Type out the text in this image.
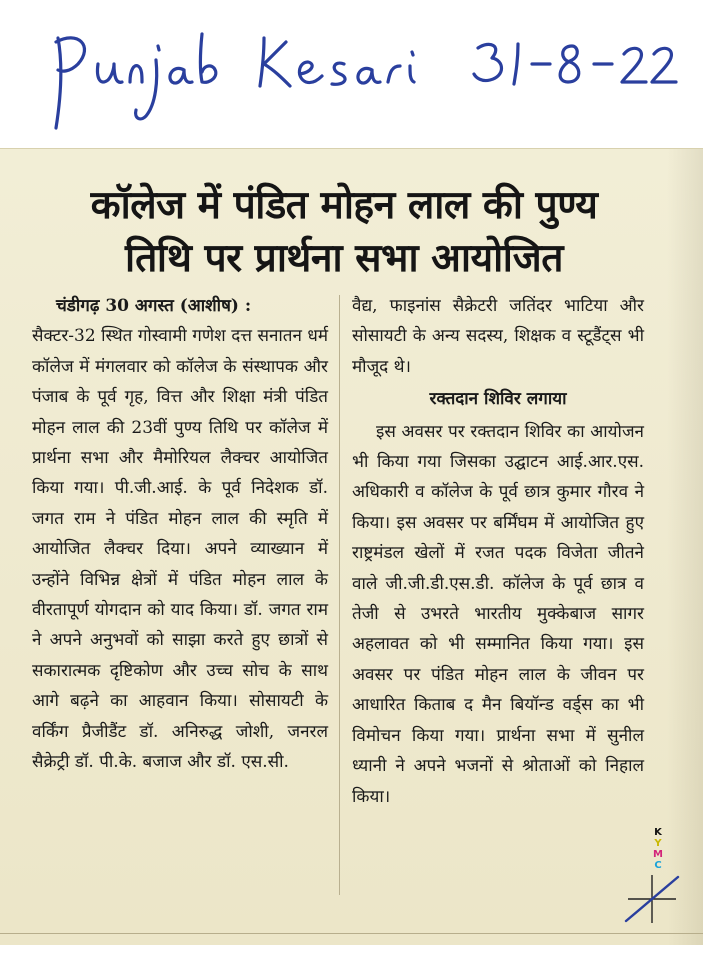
कॉलेज में पंडित मोहन लाल की पुण्य
तिथि पर प्रार्थना सभा आयोजित

चंडीगढ़ 30 अगस्त (आशीष) :

सैक्टर-32 स्थित गोस्वामी गणेश दत्त सनातन धर्म कॉलेज में मंगलवार को कॉलेज के संस्थापक और पंजाब के पूर्व गृह, वित्त और शिक्षा मंत्री पंडित मोहन लाल की 23वीं पुण्य तिथि पर कॉलेज में प्रार्थना सभा और मैमोरियल लैक्चर आयोजित किया गया। पी.जी.आई. के पूर्व निदेशक डॉ. जगत राम ने पंडित मोहन लाल की स्मृति में आयोजित लैक्चर दिया। अपने व्याख्यान में उन्होंने विभिन्न क्षेत्रों में पंडित मोहन लाल के वीरतापूर्ण योगदान को याद किया। डॉ. जगत राम ने अपने अनुभवों को साझा करते हुए छात्रों से सकारात्मक दृष्टिकोण और उच्च सोच के साथ आगे बढ़ने का आहवान किया। सोसायटी के वर्किंग प्रैजीडैंट डॉ. अनिरुद्ध जोशी, जनरल सैक्रेट्री डॉ. पी.के. बजाज और डॉ. एस.सी.

वैद्य, फाइनांस सैक्रेटरी जतिंदर भाटिया और सोसायटी के अन्य सदस्य, शिक्षक व स्टूडैंट्स भी मौजूद थे।

रक्तदान शिविर लगाया

इस अवसर पर रक्तदान शिविर का आयोजन भी किया गया जिसका उद्घाटन आई.आर.एस. अधिकारी व कॉलेज के पूर्व छात्र कुमार गौरव ने किया। इस अवसर पर बर्मिंघम में आयोजित हुए राष्ट्रमंडल खेलों में रजत पदक विजेता जीतने वाले जी.जी.डी.एस.डी. कॉलेज के पूर्व छात्र व तेजी से उभरते भारतीय मुक्केबाज सागर अहलावत को भी सम्मानित किया गया। इस अवसर पर पंडित मोहन लाल के जीवन पर आधारित किताब द मैन बियॉन्ड वर्ड्स का भी विमोचन किया गया। प्रार्थना सभा में सुनील ध्यानी ने अपने भजनों से श्रोताओं को निहाल किया।

K
Y
M
C
